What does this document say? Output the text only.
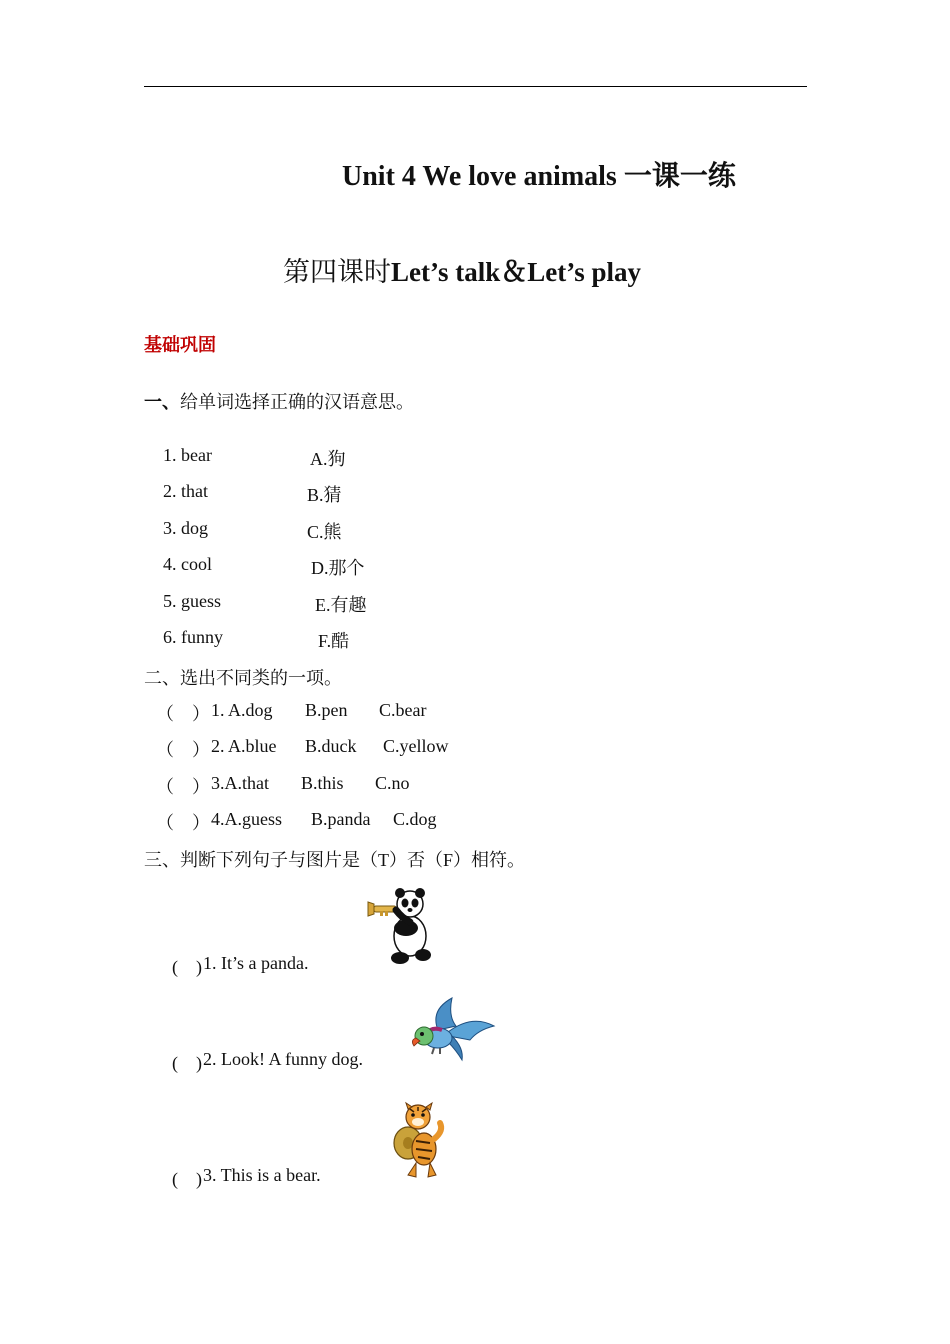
Unit 4 We love animals 一课一练
第四课时Let’s talk＆Let’s play
基础巩固
一、给单词选择正确的汉语意思。
1. bear
2. that
3. dog
4. cool
5. guess
6. funny
A.狗
B.猜
C.熊
D.那个
E.有趣
F.酷
二、选出不同类的一项。
（　） 1. A.dog B.pen C.bear
（　） 2. A.blue B.duck C.yellow
（　） 3.A.that B.this C.no
（　） 4.A.guess B.panda C.dog
三、判断下列句子与图片是（T）否（F）相符。
(　) 1. It’s a panda.
(　) 2. Look! A funny dog.
(　) 3. This is a bear.
